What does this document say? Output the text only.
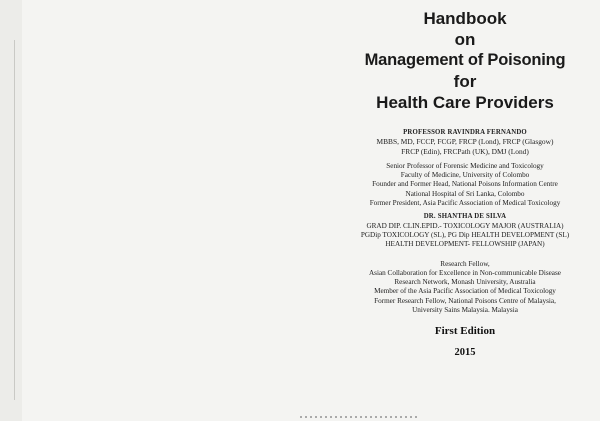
Handbook
on
Management of Poisoning
for
Health Care Providers
PROFESSOR RAVINDRA FERNANDO
MBBS, MD, FCCP, FCGP, FRCP (Lond), FRCP (Glasgow)
FRCP (Edin), FRCPath (UK), DMJ (Lond)
Senior Professor of Forensic Medicine and Toxicology
Faculty of Medicine, University of Colombo
Founder and Former Head, National Poisons Information Centre
National Hospital of Sri Lanka, Colombo
Former President, Asia Pacific Association of Medical Toxicology
DR. SHANTHA DE SILVA
GRAD DIP. CLIN.EPID.- TOXICOLOGY MAJOR (AUSTRALIA)
PGDip TOXICOLOGY (SL), PG Dip HEALTH DEVELOPMENT (SL)
HEALTH DEVELOPMENT- FELLOWSHIP (JAPAN)
Research Fellow,
Asian Collaboration for Excellence in Non-communicable Disease
Research Network, Monash University, Australia
Member of the Asia Pacific Association of Medical Toxicology
Former Research Fellow, National Poisons Centre of Malaysia,
University Sains Malaysia. Malaysia
First Edition
2015
